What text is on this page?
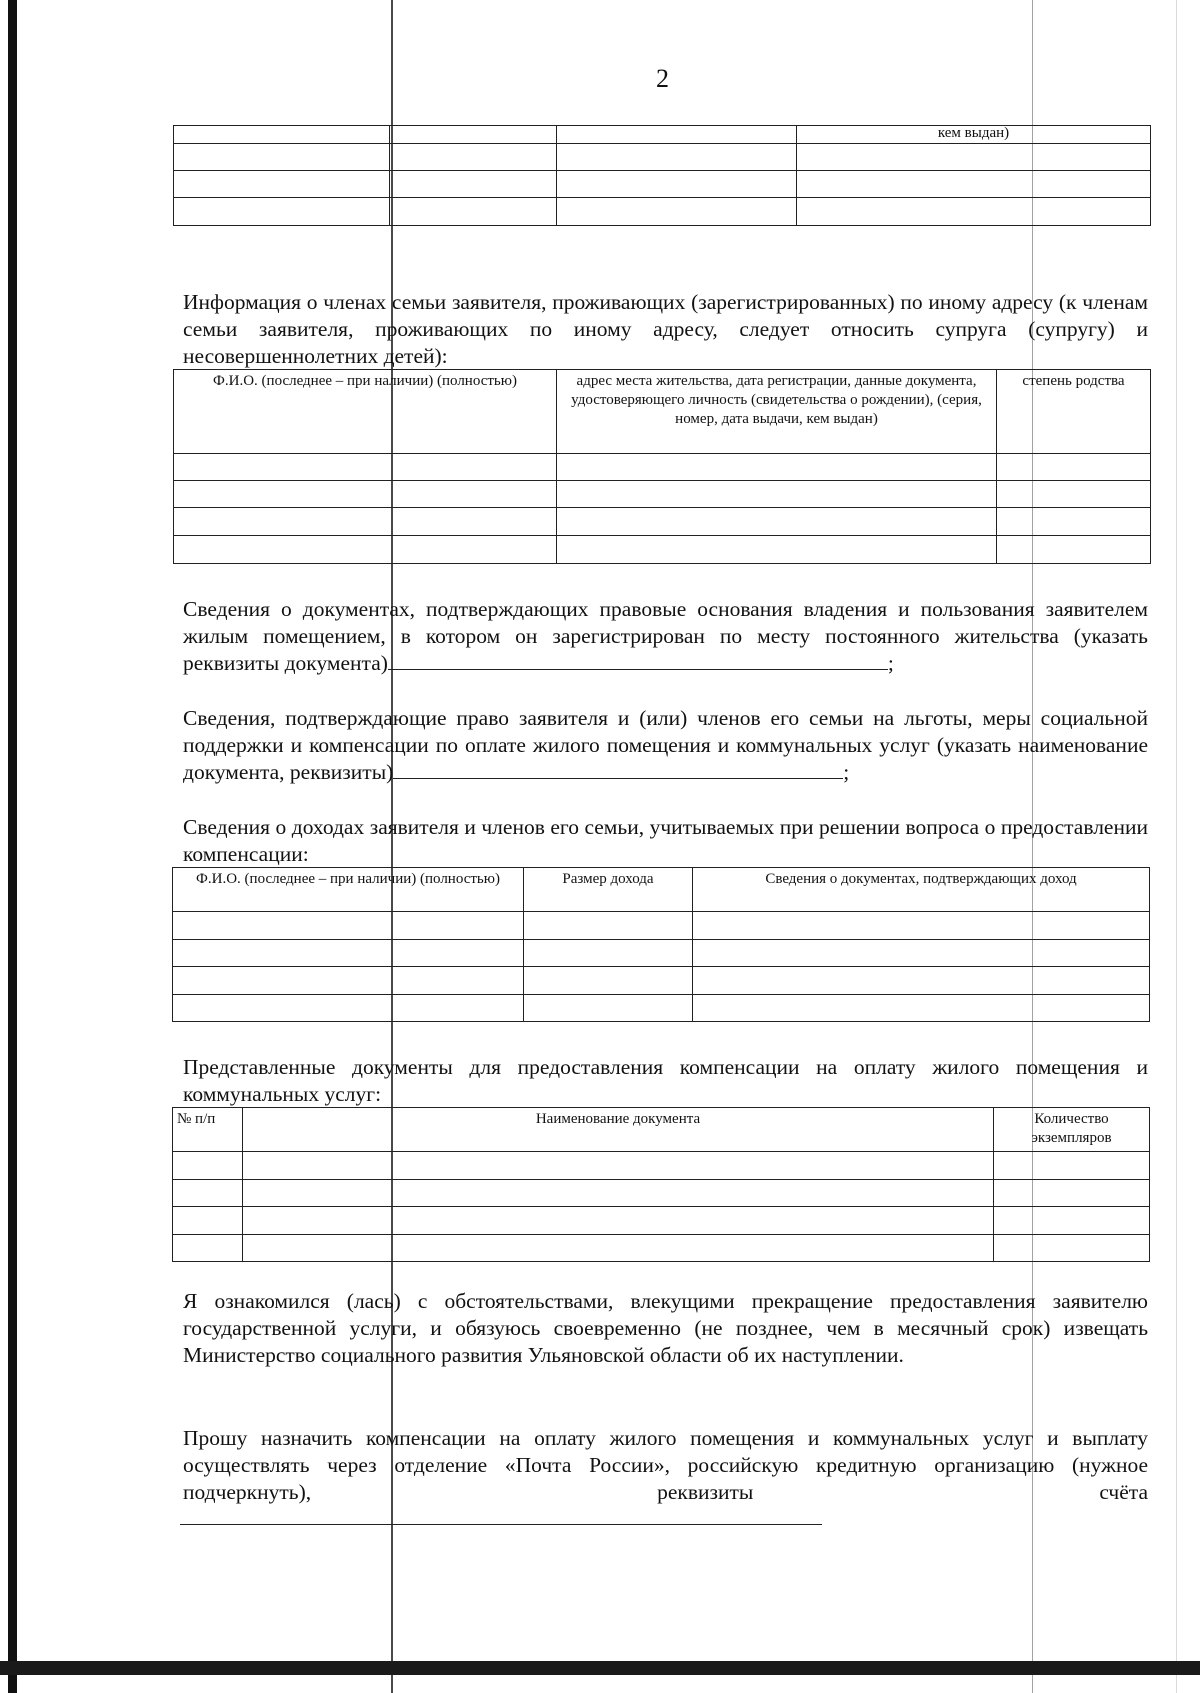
2
			кем выдан)

Информация о членах семьи заявителя, проживающих (зарегистрированных) по иному адресу (к членам семьи заявителя, проживающих по иному адресу, следует относить супруга (супругу) и несовершеннолетних детей):
Ф.И.О. (последнее – при наличии) (полностью)	адрес места жительства, дата регистрации, данные документа, удостоверяющего личность (свидетельства о рождении), (серия, номер, дата выдачи, кем выдан)	степень родства

Сведения о документах, подтверждающих правовые основания владения и пользования заявителем жилым помещением, в котором он зарегистрирован по месту постоянного жительства (указать реквизиты документа)	;
Сведения, подтверждающие право заявителя и (или) членов его семьи на льготы, меры социальной поддержки и компенсации по оплате жилого помещения и коммунальных услуг (указать наименование документа, реквизиты)	;
Сведения о доходах заявителя и членов его семьи, учитываемых при решении вопроса о предоставлении компенсации:
Ф.И.О. (последнее – при наличии) (полностью)	Размер дохода	Сведения о документах, подтверждающих доход

Представленные документы для предоставления компенсации на оплату жилого помещения и коммунальных услуг:
№ п/п	Наименование документа	Количество экземпляров

Я ознакомился (лась) с обстоятельствами, влекущими прекращение предоставления заявителю государственной услуги, и обязуюсь своевременно (не позднее, чем в месячный срок) извещать Министерство социального развития Ульяновской области об их наступлении.
Прошу назначить компенсации на оплату жилого помещения и коммунальных услуг и выплату осуществлять через отделение «Почта России», российскую кредитную организацию (нужное подчеркнуть), реквизиты счёта
